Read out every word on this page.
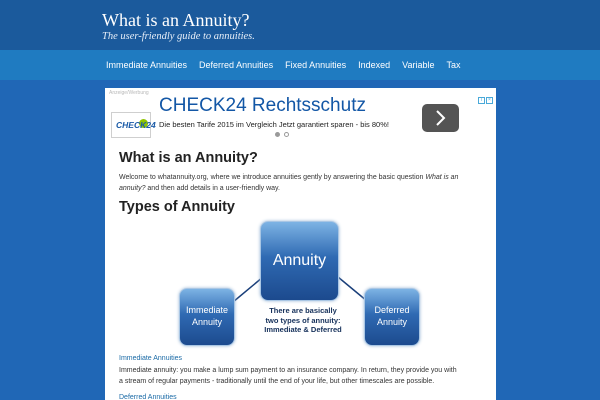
What is an Annuity?
The user-friendly guide to annuities.
Immediate Annuities	Deferred Annuities	Fixed Annuities	Indexed	Variable	Tax
Anzeige/Werbung
i	×
CHECK24
CHECK24 Rechtsschutz
Die besten Tarife 2015 im Vergleich Jetzt garantiert sparen - bis 80%!
What is an Annuity?

Welcome to whatannuity.org, where we introduce annuities gently by answering the basic question What is an annuity? and then add details in a user-friendly way.

Types of Annuity
Annuity
Immediate
Annuity
Deferred
Annuity
There are basically
two types of annuity:
Immediate & Deferred
Immediate Annuities

Immediate annuity: you make a lump sum payment to an insurance company. In return, they provide you with a stream of regular payments - traditionally until the end of your life, but other timescales are possible.

Deferred Annuities
